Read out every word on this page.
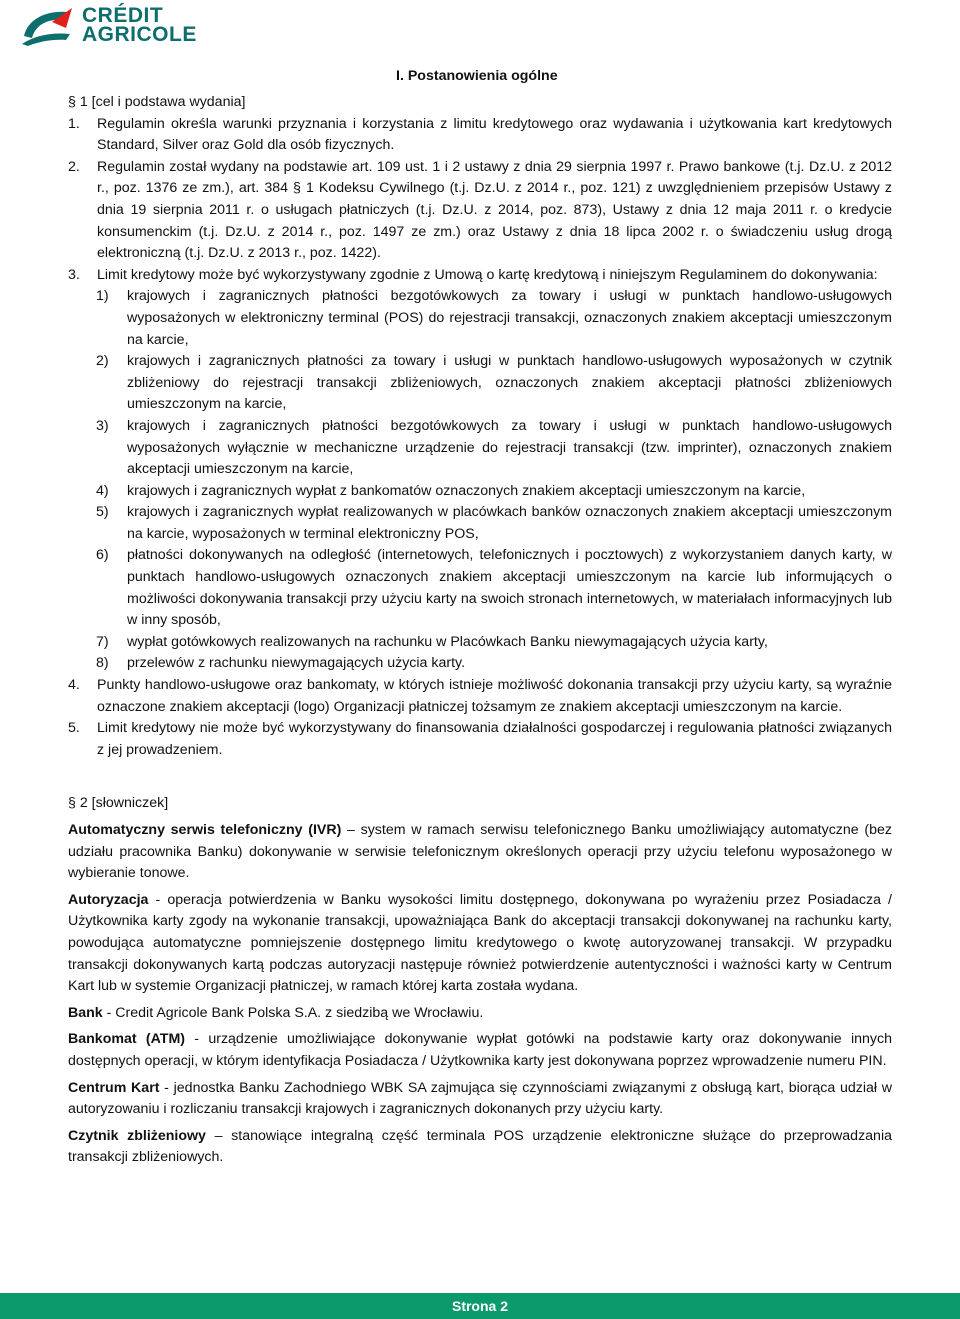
CRÉDIT
AGRICOLE
I. Postanowienia ogólne
§ 1 [cel i podstawa wydania]
1. Regulamin określa warunki przyznania i korzystania z limitu kredytowego oraz wydawania i użytkowania kart kredytowych Standard, Silver oraz Gold dla osób fizycznych.
2. Regulamin został wydany na podstawie art. 109 ust. 1 i 2 ustawy z dnia 29 sierpnia 1997 r. Prawo bankowe (t.j. Dz.U. z 2012 r., poz. 1376 ze zm.), art. 384 § 1 Kodeksu Cywilnego (t.j. Dz.U. z 2014 r., poz. 121) z uwzględnieniem przepisów Ustawy z dnia 19 sierpnia 2011 r. o usługach płatniczych (t.j. Dz.U. z 2014, poz. 873), Ustawy z dnia 12 maja 2011 r. o kredycie konsumenckim (t.j. Dz.U. z 2014 r., poz. 1497 ze zm.) oraz Ustawy z dnia 18 lipca 2002 r. o świadczeniu usług drogą elektroniczną (t.j. Dz.U. z 2013 r., poz. 1422).
3. Limit kredytowy może być wykorzystywany zgodnie z Umową o kartę kredytową i niniejszym Regulaminem do dokonywania:
1) krajowych i zagranicznych płatności bezgotówkowych za towary i usługi w punktach handlowo-usługowych wyposażonych w elektroniczny terminal (POS) do rejestracji transakcji, oznaczonych znakiem akceptacji umieszczonym na karcie,
2) krajowych i zagranicznych płatności za towary i usługi w punktach handlowo-usługowych wyposażonych w czytnik zbliżeniowy do rejestracji transakcji zbliżeniowych, oznaczonych znakiem akceptacji płatności zbliżeniowych umieszczonym na karcie,
3) krajowych i zagranicznych płatności bezgotówkowych za towary i usługi w punktach handlowo-usługowych wyposażonych wyłącznie w mechaniczne urządzenie do rejestracji transakcji (tzw. imprinter), oznaczonych znakiem akceptacji umieszczonym na karcie,
4) krajowych i zagranicznych wypłat z bankomatów oznaczonych znakiem akceptacji umieszczonym na karcie,
5) krajowych i zagranicznych wypłat realizowanych w placówkach banków oznaczonych znakiem akceptacji umieszczonym na karcie, wyposażonych w terminal elektroniczny POS,
6) płatności dokonywanych na odległość (internetowych, telefonicznych i pocztowych) z wykorzystaniem danych karty, w punktach handlowo-usługowych oznaczonych znakiem akceptacji umieszczonym na karcie lub informujących o możliwości dokonywania transakcji przy użyciu karty na swoich stronach internetowych, w materiałach informacyjnych lub w inny sposób,
7) wypłat gotówkowych realizowanych na rachunku w Placówkach Banku niewymagających użycia karty,
8) przelewów z rachunku niewymagających użycia karty.
4. Punkty handlowo-usługowe oraz bankomaty, w których istnieje możliwość dokonania transakcji przy użyciu karty, są wyraźnie oznaczone znakiem akceptacji (logo) Organizacji płatniczej tożsamym ze znakiem akceptacji umieszczonym na karcie.
5. Limit kredytowy nie może być wykorzystywany do finansowania działalności gospodarczej i regulowania płatności związanych z jej prowadzeniem.
§ 2 [słowniczek]
Automatyczny serwis telefoniczny (IVR) – system w ramach serwisu telefonicznego Banku umożliwiający automatyczne (bez udziału pracownika Banku) dokonywanie w serwisie telefonicznym określonych operacji przy użyciu telefonu wyposażonego w wybieranie tonowe.
Autoryzacja - operacja potwierdzenia w Banku wysokości limitu dostępnego, dokonywana po wyrażeniu przez Posiadacza / Użytkownika karty zgody na wykonanie transakcji, upoważniająca Bank do akceptacji transakcji dokonywanej na rachunku karty, powodująca automatyczne pomniejszenie dostępnego limitu kredytowego o kwotę autoryzowanej transakcji. W przypadku transakcji dokonywanych kartą podczas autoryzacji następuje również potwierdzenie autentyczności i ważności karty w Centrum Kart lub w systemie Organizacji płatniczej, w ramach której karta została wydana.
Bank - Credit Agricole Bank Polska S.A. z siedzibą we Wrocławiu.
Bankomat (ATM) - urządzenie umożliwiające dokonywanie wypłat gotówki na podstawie karty oraz dokonywanie innych dostępnych operacji, w którym identyfikacja Posiadacza / Użytkownika karty jest dokonywana poprzez wprowadzenie numeru PIN.
Centrum Kart - jednostka Banku Zachodniego WBK SA zajmująca się czynnościami związanymi z obsługą kart, biorąca udział w autoryzowaniu i rozliczaniu transakcji krajowych i zagranicznych dokonanych przy użyciu karty.
Czytnik zbliżeniowy – stanowiące integralną część terminala POS urządzenie elektroniczne służące do przeprowadzania transakcji zbliżeniowych.
Strona 2
